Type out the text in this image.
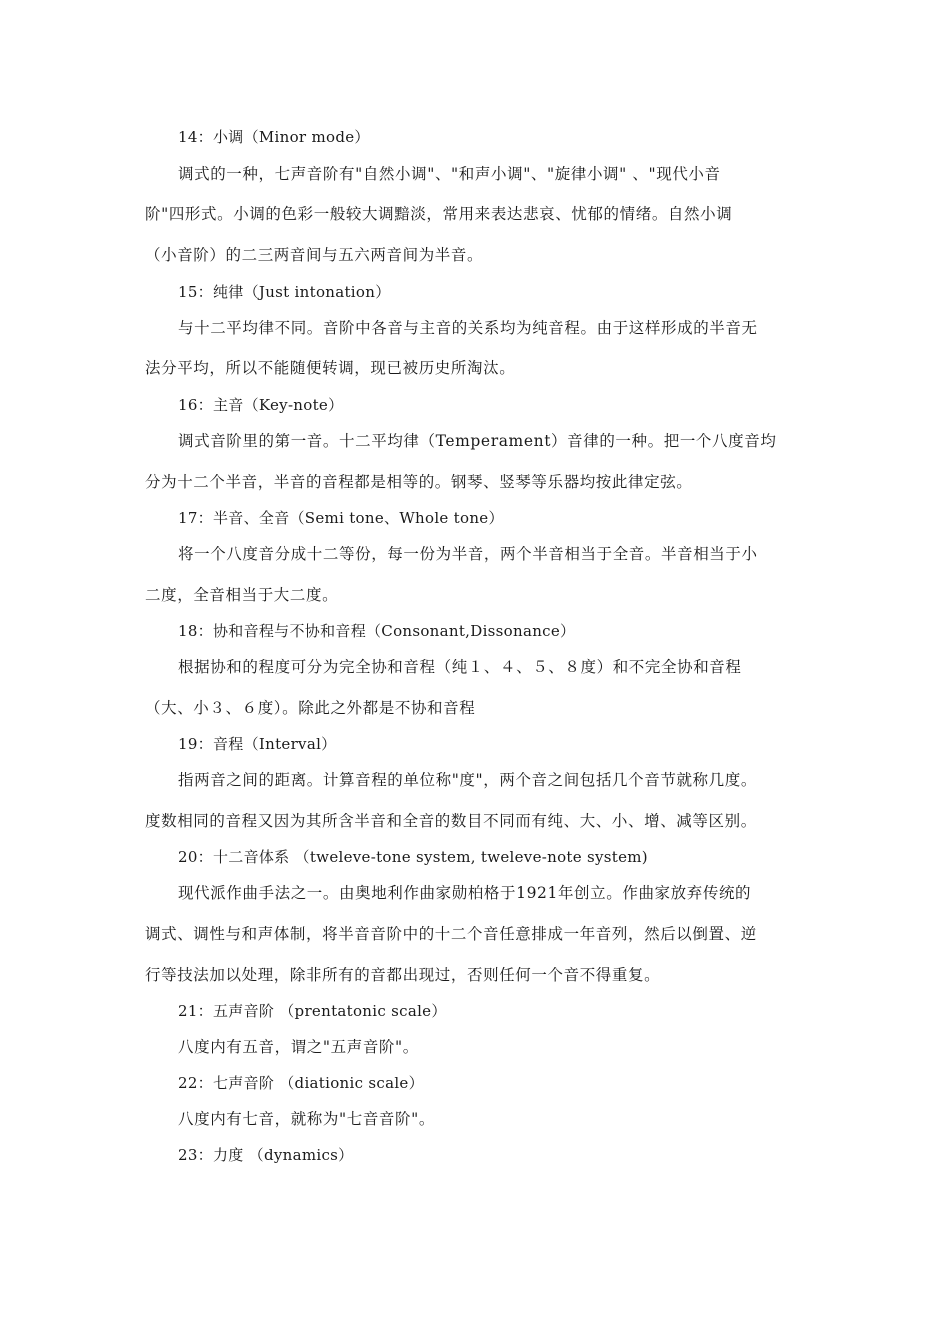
14：小调（Minor mode）
调式的一种，七声音阶有"自然小调"、"和声小调"、"旋律小调" 、"现代小音
阶"四形式。小调的色彩一般较大调黯淡，常用来表达悲哀、忧郁的情绪。自然小调
（小音阶）的二三两音间与五六两音间为半音。
15：纯律（Just intonation）
与十二平均律不同。音阶中各音与主音的关系均为纯音程。由于这样形成的半音无
法分平均，所以不能随便转调，现已被历史所淘汰。
16：主音（Key-note）
调式音阶里的第一音。十二平均律（Temperament）音律的一种。把一个八度音均
分为十二个半音，半音的音程都是相等的。钢琴、竖琴等乐器均按此律定弦。
17：半音、全音（Semi tone、Whole tone）
将一个八度音分成十二等份，每一份为半音，两个半音相当于全音。半音相当于小
二度，全音相当于大二度。
18：协和音程与不协和音程（Consonant,Dissonance）
根据协和的程度可分为完全协和音程（纯１、４、５、８度）和不完全协和音程
（大、小３、６度）。除此之外都是不协和音程
19：音程（Interval）
指两音之间的距离。计算音程的单位称"度"，两个音之间包括几个音节就称几度。
度数相同的音程又因为其所含半音和全音的数目不同而有纯、大、小、增、减等区别。
20：十二音体系 （tweleve-tone system, tweleve-note system)
现代派作曲手法之一。由奥地利作曲家勋柏格于1921年创立。作曲家放弃传统的
调式、调性与和声体制，将半音音阶中的十二个音任意排成一年音列，然后以倒置、逆
行等技法加以处理，除非所有的音都出现过，否则任何一个音不得重复。
21：五声音阶 （prentatonic scale）
八度内有五音，谓之"五声音阶"。
22：七声音阶 （diationic scale）
八度内有七音，就称为"七音音阶"。
23：力度 （dynamics）
